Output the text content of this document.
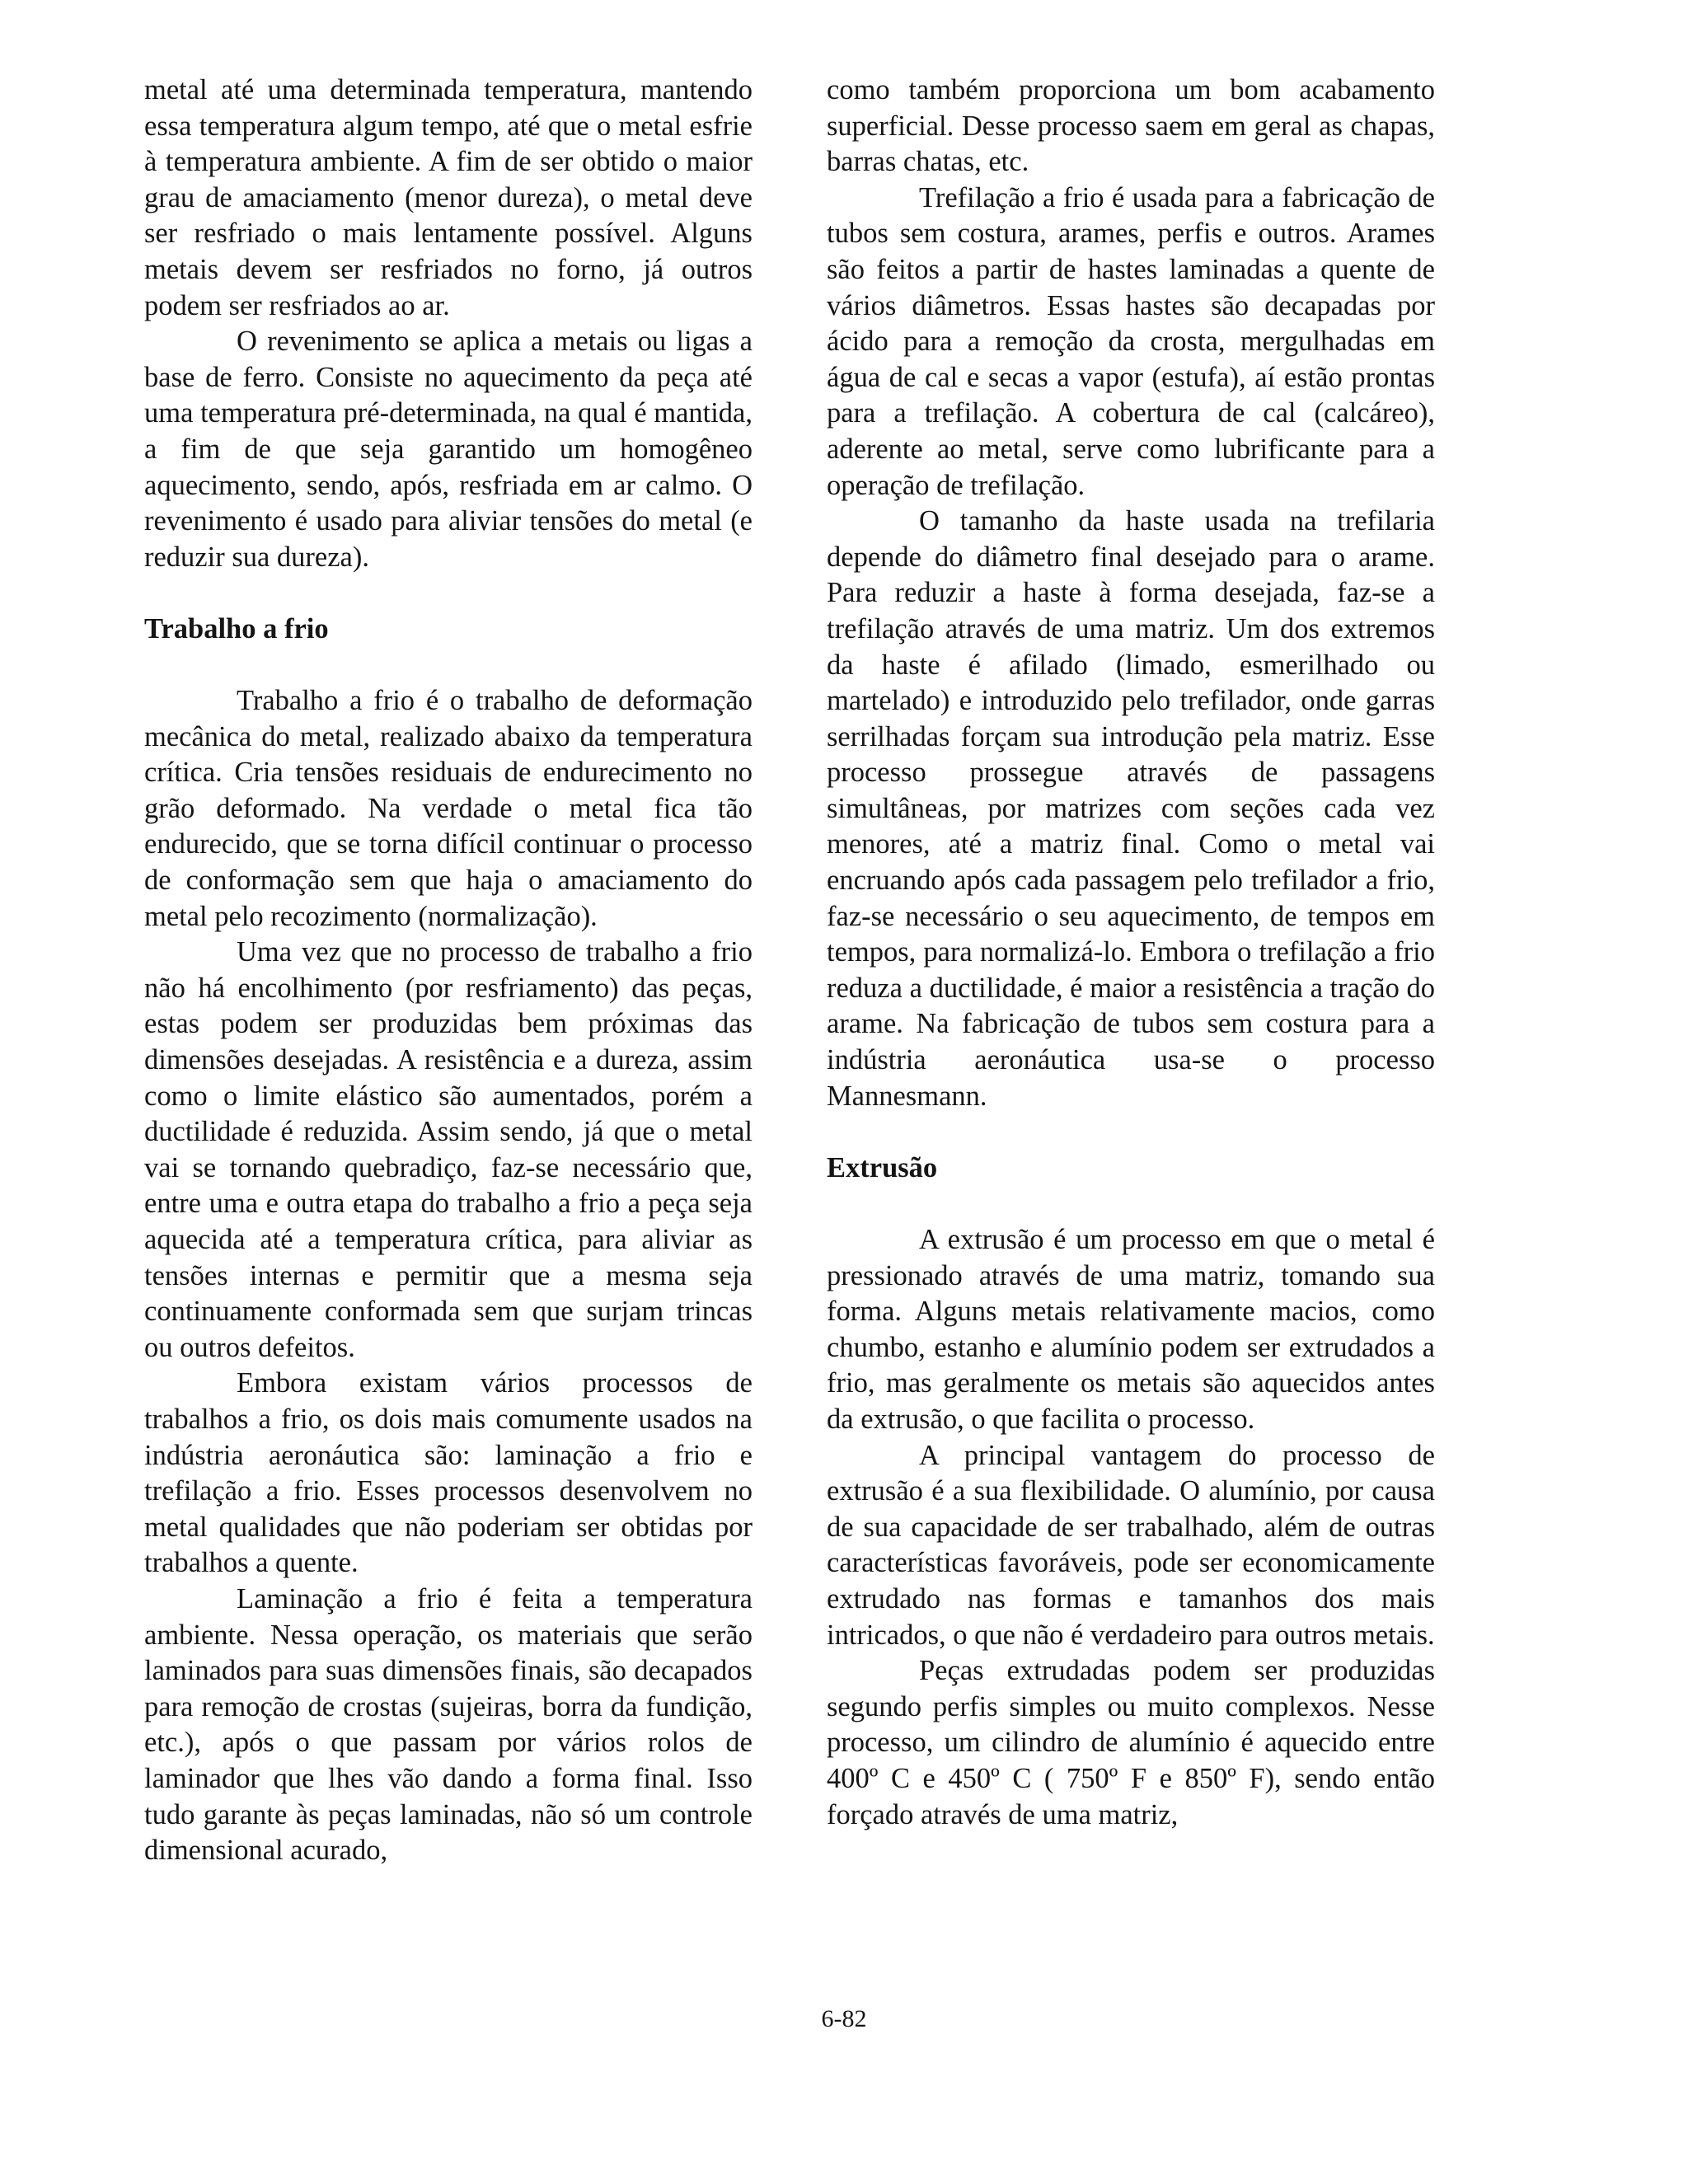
metal até uma determinada temperatura, mantendo essa temperatura algum tempo, até que o metal esfrie à temperatura ambiente. A fim de ser obtido o maior grau de amaciamento (menor dureza), o metal deve ser resfriado o mais lentamente possível. Alguns metais devem ser resfriados no forno, já outros podem ser resfriados ao ar.

O revenimento se aplica a metais ou ligas a base de ferro. Consiste no aquecimento da peça até uma temperatura pré-determinada, na qual é mantida, a fim de que seja garantido um homogêneo aquecimento, sendo, após, resfriada em ar calmo. O revenimento é usado para aliviar tensões do metal (e reduzir sua dureza).

Trabalho a frio

Trabalho a frio é o trabalho de deformação mecânica do metal, realizado abaixo da temperatura crítica. Cria tensões residuais de endurecimento no grão deformado. Na verdade o metal fica tão endurecido, que se torna difícil continuar o processo de conformação sem que haja o amaciamento do metal pelo recozimento (normalização).

Uma vez que no processo de trabalho a frio não há encolhimento (por resfriamento) das peças, estas podem ser produzidas bem próximas das dimensões desejadas. A resistência e a dureza, assim como o limite elástico são aumentados, porém a ductilidade é reduzida. Assim sendo, já que o metal vai se tornando quebradiço, faz-se necessário que, entre uma e outra etapa do trabalho a frio a peça seja aquecida até a temperatura crítica, para aliviar as tensões internas e permitir que a mesma seja continuamente conformada sem que surjam trincas ou outros defeitos.

Embora existam vários processos de trabalhos a frio, os dois mais comumente usados na indústria aeronáutica são: laminação a frio e trefilação a frio. Esses processos desenvolvem no metal qualidades que não poderiam ser obtidas por trabalhos a quente.

Laminação a frio é feita a temperatura ambiente. Nessa operação, os materiais que serão laminados para suas dimensões finais, são decapados para remoção de crostas (sujeiras, borra da fundição, etc.), após o que passam por vários rolos de laminador que lhes vão dando a forma final. Isso tudo garante às peças laminadas, não só um controle dimensional acurado,

como também proporciona um bom acabamento superficial. Desse processo saem em geral as chapas, barras chatas, etc.

Trefilação a frio é usada para a fabricação de tubos sem costura, arames, perfis e outros. Arames são feitos a partir de hastes laminadas a quente de vários diâmetros. Essas hastes são decapadas por ácido para a remoção da crosta, mergulhadas em água de cal e secas a vapor (estufa), aí estão prontas para a trefilação. A cobertura de cal (calcáreo), aderente ao metal, serve como lubrificante para a operação de trefilação.

O tamanho da haste usada na trefilaria depende do diâmetro final desejado para o arame. Para reduzir a haste à forma desejada, faz-se a trefilação através de uma matriz. Um dos extremos da haste é afilado (limado, esmerilhado ou martelado) e introduzido pelo trefilador, onde garras serrilhadas forçam sua introdução pela matriz. Esse processo prossegue através de passagens simultâneas, por matrizes com seções cada vez menores, até a matriz final. Como o metal vai encruando após cada passagem pelo trefilador a frio, faz-se necessário o seu aquecimento, de tempos em tempos, para normalizá-lo. Embora o trefilação a frio reduza a ductilidade, é maior a resistência a tração do arame. Na fabricação de tubos sem costura para a indústria aeronáutica usa-se o processo Mannesmann.

Extrusão

A extrusão é um processo em que o metal é pressionado através de uma matriz, tomando sua forma. Alguns metais relativamente macios, como chumbo, estanho e alumínio podem ser extrudados a frio, mas geralmente os metais são aquecidos antes da extrusão, o que facilita o processo.

A principal vantagem do processo de extrusão é a sua flexibilidade. O alumínio, por causa de sua capacidade de ser trabalhado, além de outras características favoráveis, pode ser economicamente extrudado nas formas e tamanhos dos mais intricados, o que não é verdadeiro para outros metais.

Peças extrudadas podem ser produzidas segundo perfis simples ou muito complexos. Nesse processo, um cilindro de alumínio é aquecido entre 400º C e 450º C ( 750º F e 850º F), sendo então forçado através de uma matriz,

6-82
